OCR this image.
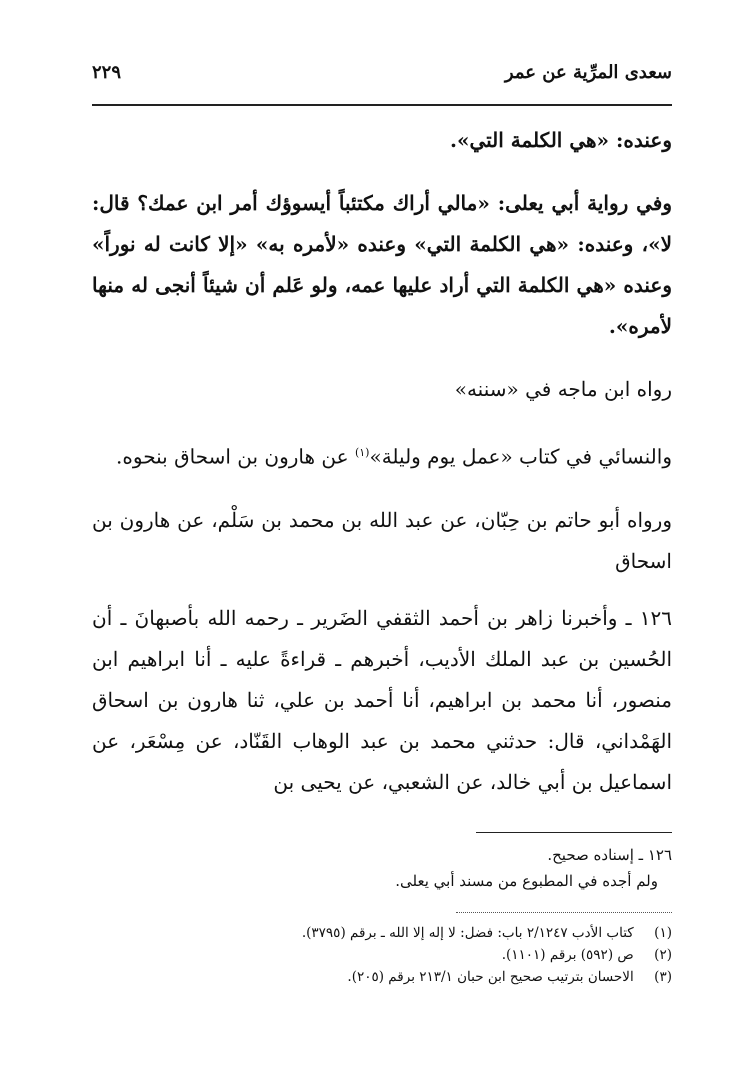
سعدى المرِّية عن عمر
٢٢٩

وعنده: «هي الكلمة التي».

وفي رواية أبي يعلى: «مالي أراك مكتئباً أيسوؤك أمر ابن عمك؟ قال: لا»، وعنده: «هي الكلمة التي» وعنده «لأمره به» «إلا كانت له نوراً» وعنده «هي الكلمة التي أراد عليها عمه، ولو عَلم أن شيئاً أنجى له منها لأمره».

رواه ابن ماجه في «سننه»

والنسائي في كتاب «عمل يوم وليلة»$^{(١)}$ عن هارون بن اسحاق بنحوه.

ورواه أبو حاتم بن حِبّان، عن عبد الله بن محمد بن سَلْم، عن هارون بن اسحاق

١٢٦ ـ وأخبرنا زاهر بن أحمد الثقفي الضَرير ـ رحمه الله بأصبهانَ ـ أن الحُسين بن عبد الملك الأديب، أخبرهم ـ قراءةً عليه ـ أنا ابراهيم ابن منصور، أنا محمد بن ابراهيم، أنا أحمد بن علي، ثنا هارون بن اسحاق الهَمْداني، قال: حدثني محمد بن عبد الوهاب القَنّاد، عن مِسْعَر، عن اسماعيل بن أبي خالد، عن الشعبي، عن يحيى بن

١٢٦ ـ إسناده صحيح.

ولم أجده في المطبوع من مسند أبي يعلى.

(١) كتاب الأدب ٢/١٢٤٧ باب: فضل: لا إله إلا الله ـ برقم (٣٧٩٥).

(٢) ص (٥٩٢) برقم (١١٠١).

(٣) الاحسان بترتيب صحيح ابن حبان ٢١٣/١ برقم (٢٠٥).
